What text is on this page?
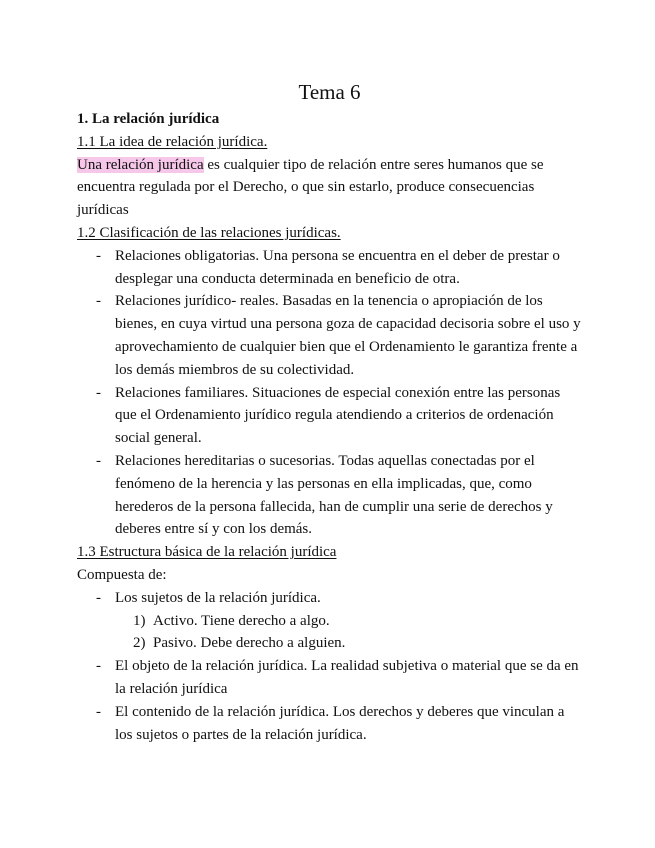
Tema 6
1. La relación jurídica
1.1 La idea de relación jurídica.
Una relación jurídica es cualquier tipo de relación entre seres humanos que se encuentra regulada por el Derecho, o que sin estarlo, produce consecuencias jurídicas
1.2 Clasificación de las relaciones jurídicas.
- Relaciones obligatorias. Una persona se encuentra en el deber de prestar o desplegar una conducta determinada en beneficio de otra.
- Relaciones jurídico- reales. Basadas en la tenencia o apropiación de los bienes, en cuya virtud una persona goza de capacidad decisoria sobre el uso y aprovechamiento de cualquier bien que el Ordenamiento le garantiza frente a los demás miembros de su colectividad.
- Relaciones familiares. Situaciones de especial conexión entre las personas que el Ordenamiento jurídico regula atendiendo a criterios de ordenación social general.
- Relaciones hereditarias o sucesorias. Todas aquellas conectadas por el fenómeno de la herencia y las personas en ella implicadas, que, como herederos de la persona fallecida, han de cumplir una serie de derechos y deberes entre sí y con los demás.
1.3 Estructura básica de la relación jurídica
Compuesta de:
- Los sujetos de la relación jurídica.
1) Activo. Tiene derecho a algo.
2) Pasivo. Debe derecho a alguien.
- El objeto de la relación jurídica. La realidad subjetiva o material que se da en la relación jurídica
- El contenido de la relación jurídica. Los derechos y deberes que vinculan a los sujetos o partes de la relación jurídica.
